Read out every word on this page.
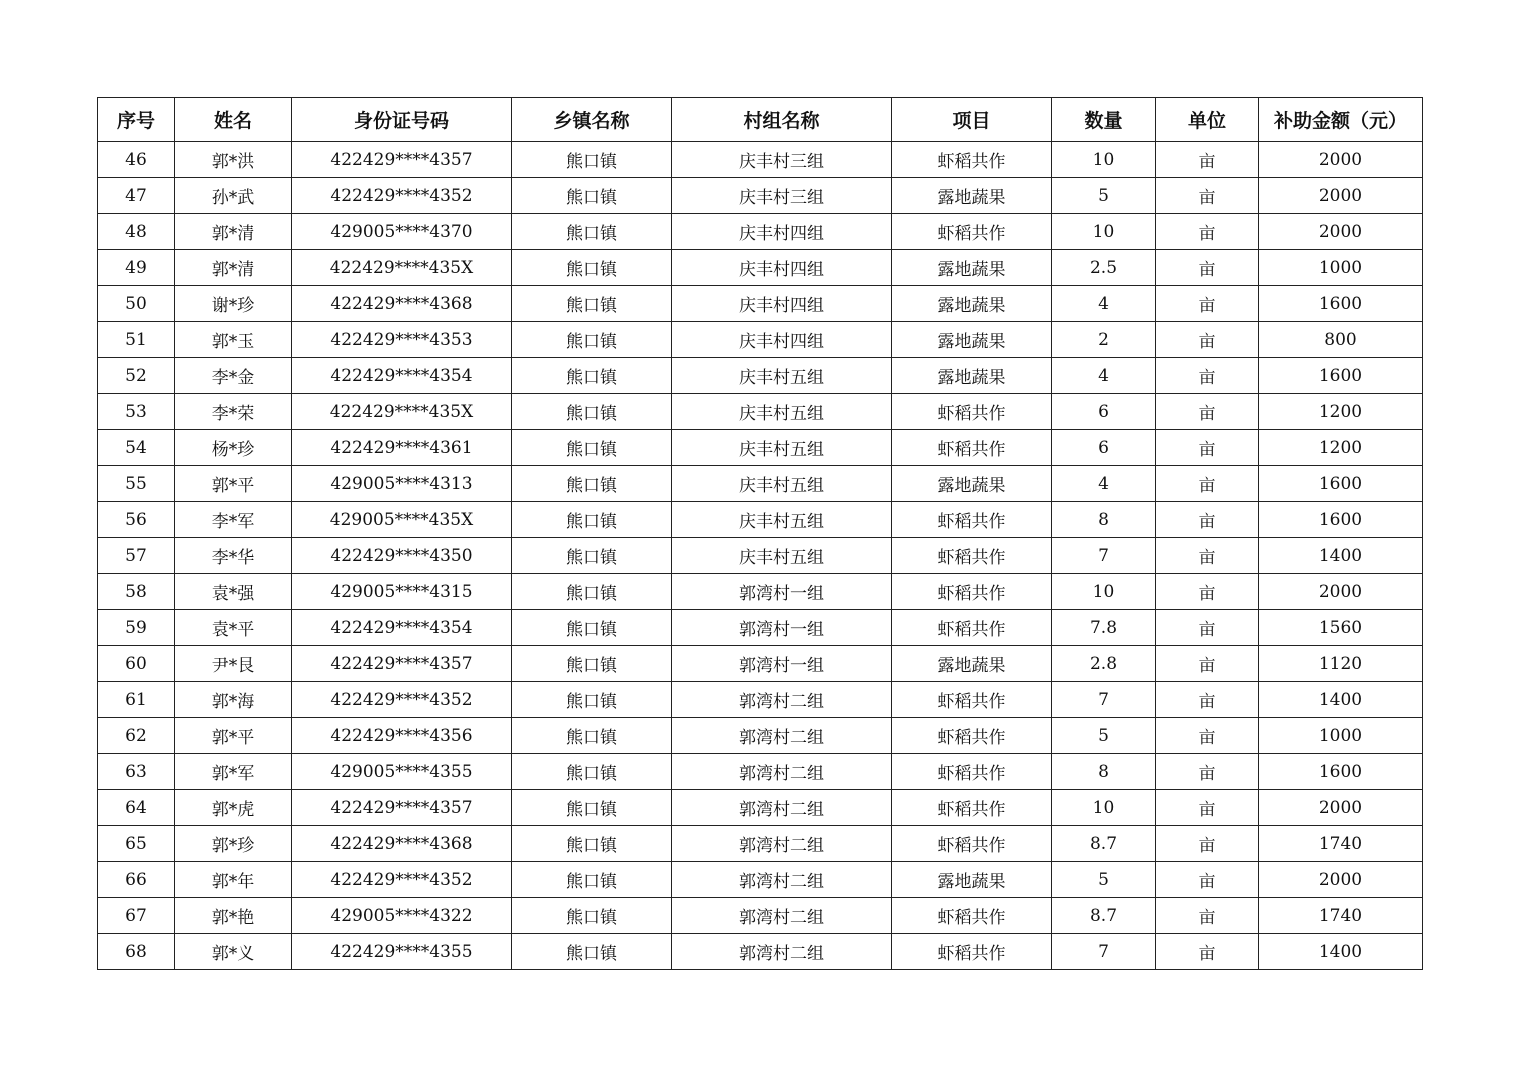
序号	姓名	身份证号码	乡镇名称	村组名称	项目	数量	单位	补助金额（元）
46	郭*洪	422429****4357	熊口镇	庆丰村三组	虾稻共作	10	亩	2000
47	孙*武	422429****4352	熊口镇	庆丰村三组	露地蔬果	5	亩	2000
48	郭*清	429005****4370	熊口镇	庆丰村四组	虾稻共作	10	亩	2000
49	郭*清	422429****435X	熊口镇	庆丰村四组	露地蔬果	2.5	亩	1000
50	谢*珍	422429****4368	熊口镇	庆丰村四组	露地蔬果	4	亩	1600
51	郭*玉	422429****4353	熊口镇	庆丰村四组	露地蔬果	2	亩	800
52	李*金	422429****4354	熊口镇	庆丰村五组	露地蔬果	4	亩	1600
53	李*荣	422429****435X	熊口镇	庆丰村五组	虾稻共作	6	亩	1200
54	杨*珍	422429****4361	熊口镇	庆丰村五组	虾稻共作	6	亩	1200
55	郭*平	429005****4313	熊口镇	庆丰村五组	露地蔬果	4	亩	1600
56	李*军	429005****435X	熊口镇	庆丰村五组	虾稻共作	8	亩	1600
57	李*华	422429****4350	熊口镇	庆丰村五组	虾稻共作	7	亩	1400
58	袁*强	429005****4315	熊口镇	郭湾村一组	虾稻共作	10	亩	2000
59	袁*平	422429****4354	熊口镇	郭湾村一组	虾稻共作	7.8	亩	1560
60	尹*艮	422429****4357	熊口镇	郭湾村一组	露地蔬果	2.8	亩	1120
61	郭*海	422429****4352	熊口镇	郭湾村二组	虾稻共作	7	亩	1400
62	郭*平	422429****4356	熊口镇	郭湾村二组	虾稻共作	5	亩	1000
63	郭*军	429005****4355	熊口镇	郭湾村二组	虾稻共作	8	亩	1600
64	郭*虎	422429****4357	熊口镇	郭湾村二组	虾稻共作	10	亩	2000
65	郭*珍	422429****4368	熊口镇	郭湾村二组	虾稻共作	8.7	亩	1740
66	郭*年	422429****4352	熊口镇	郭湾村二组	露地蔬果	5	亩	2000
67	郭*艳	429005****4322	熊口镇	郭湾村二组	虾稻共作	8.7	亩	1740
68	郭*义	422429****4355	熊口镇	郭湾村二组	虾稻共作	7	亩	1400
